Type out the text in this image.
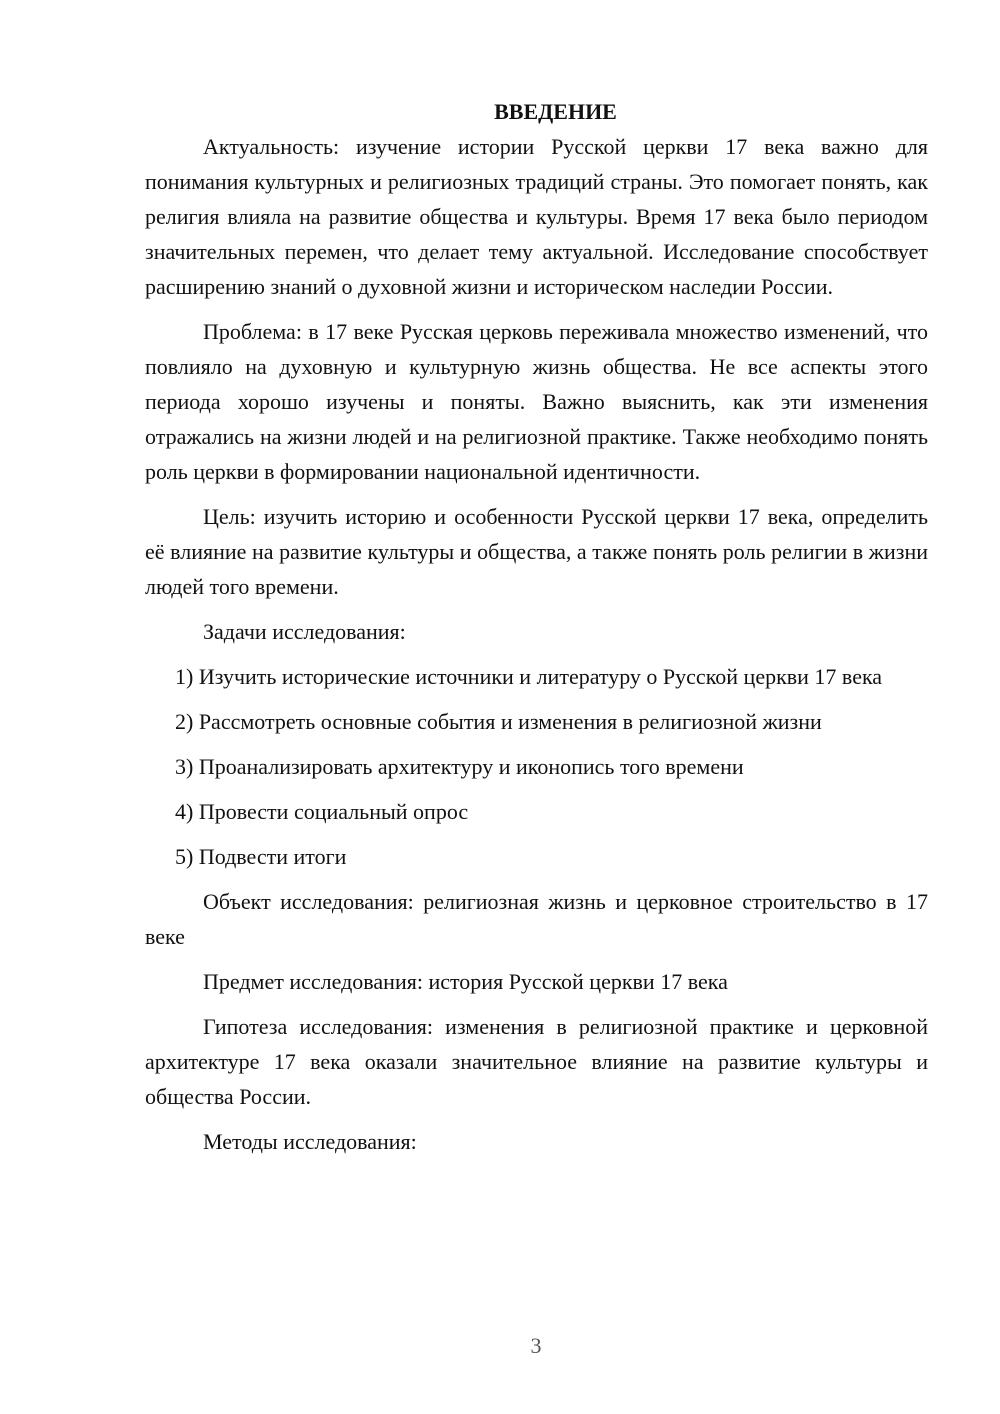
ВВЕДЕНИЕ

Актуальность: изучение истории Русской церкви 17 века важно для понимания культурных и религиозных традиций страны. Это помогает понять, как религия влияла на развитие общества и культуры. Время 17 века было периодом значительных перемен, что делает тему актуальной. Исследование способствует расширению знаний о духовной жизни и историческом наследии России.

Проблема: в 17 веке Русская церковь переживала множество изменений, что повлияло на духовную и культурную жизнь общества. Не все аспекты этого периода хорошо изучены и поняты. Важно выяснить, как эти изменения отражались на жизни людей и на религиозной практике. Также необходимо понять роль церкви в формировании национальной идентичности.

Цель: изучить историю и особенности Русской церкви 17 века, определить её влияние на развитие культуры и общества, а также понять роль религии в жизни людей того времени.

Задачи исследования:

1) Изучить исторические источники и литературу о Русской церкви 17 века

2) Рассмотреть основные события и изменения в религиозной жизни

3) Проанализировать архитектуру и иконопись того времени

4) Провести социальный опрос

5) Подвести итоги

Объект исследования: религиозная жизнь и церковное строительство в 17 веке

Предмет исследования: история Русской церкви 17 века

Гипотеза исследования: изменения в религиозной практике и церковной архитектуре 17 века оказали значительное влияние на развитие культуры и общества России.

Методы исследования:

3
